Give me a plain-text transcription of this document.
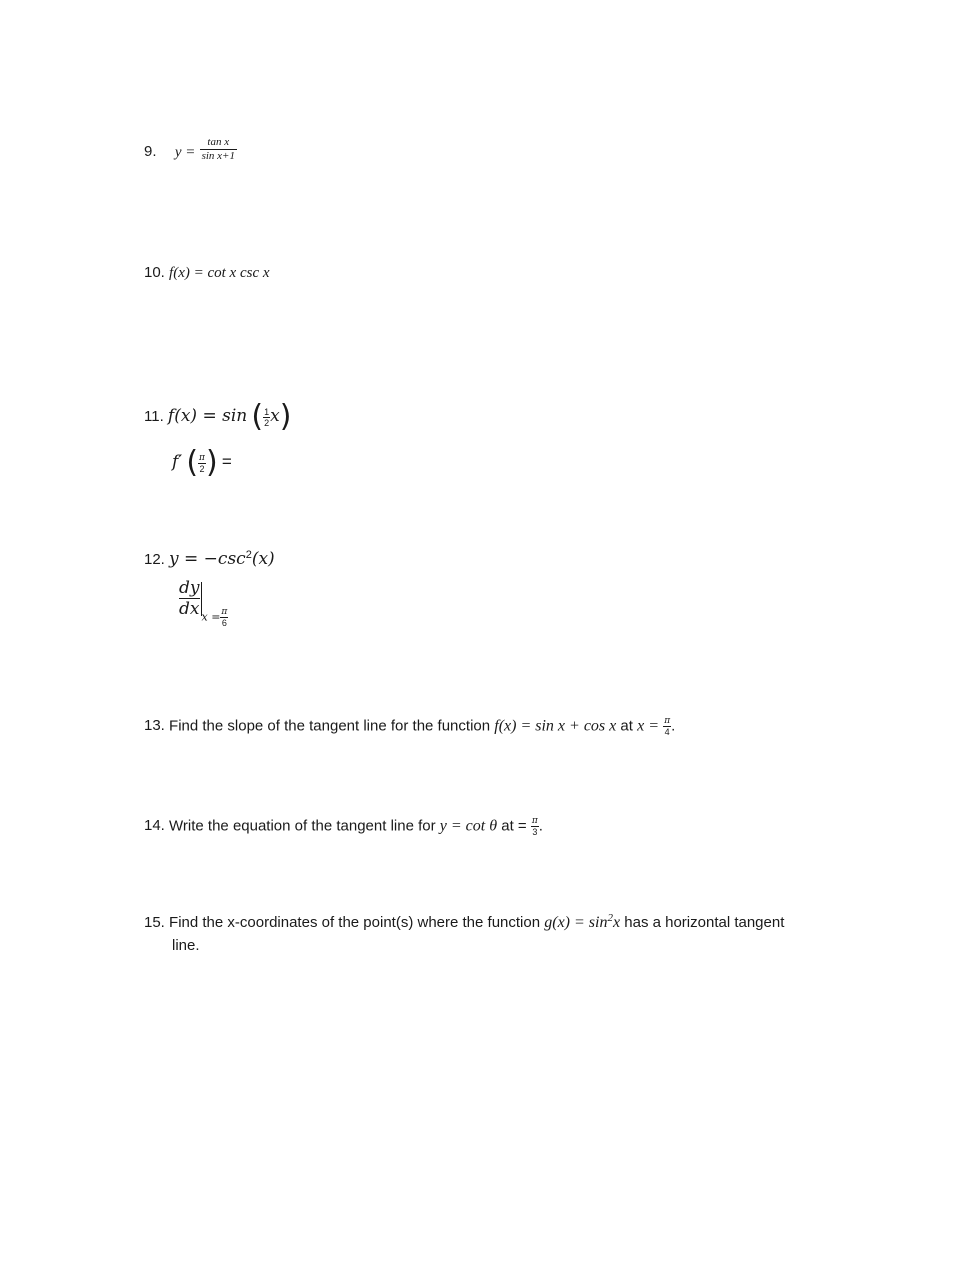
9. $y = \frac{\text{tan x}}{\text{sin x+1}}$
10. f(x) = cot x csc x
11. f(x) = sin ( $\frac{1}{2} x$)
f′ ( $\frac{\pi}{2}$ ) =
12. $y = -\csc^2(x)$
$\frac{dy}{dx}$ $x = \frac{\pi}{6}$
13. Find the slope of the tangent line for the function f(x) = sin x + cos x at $x = \frac{\pi}{4}$ .
14. Write the equation of the tangent line for y = cot θ at = $\frac{\pi}{3}$ .
15. Find the x-coordinates of the point(s) where the function $g(x) = \sin^2x$ has a horizontal tangent
line.
